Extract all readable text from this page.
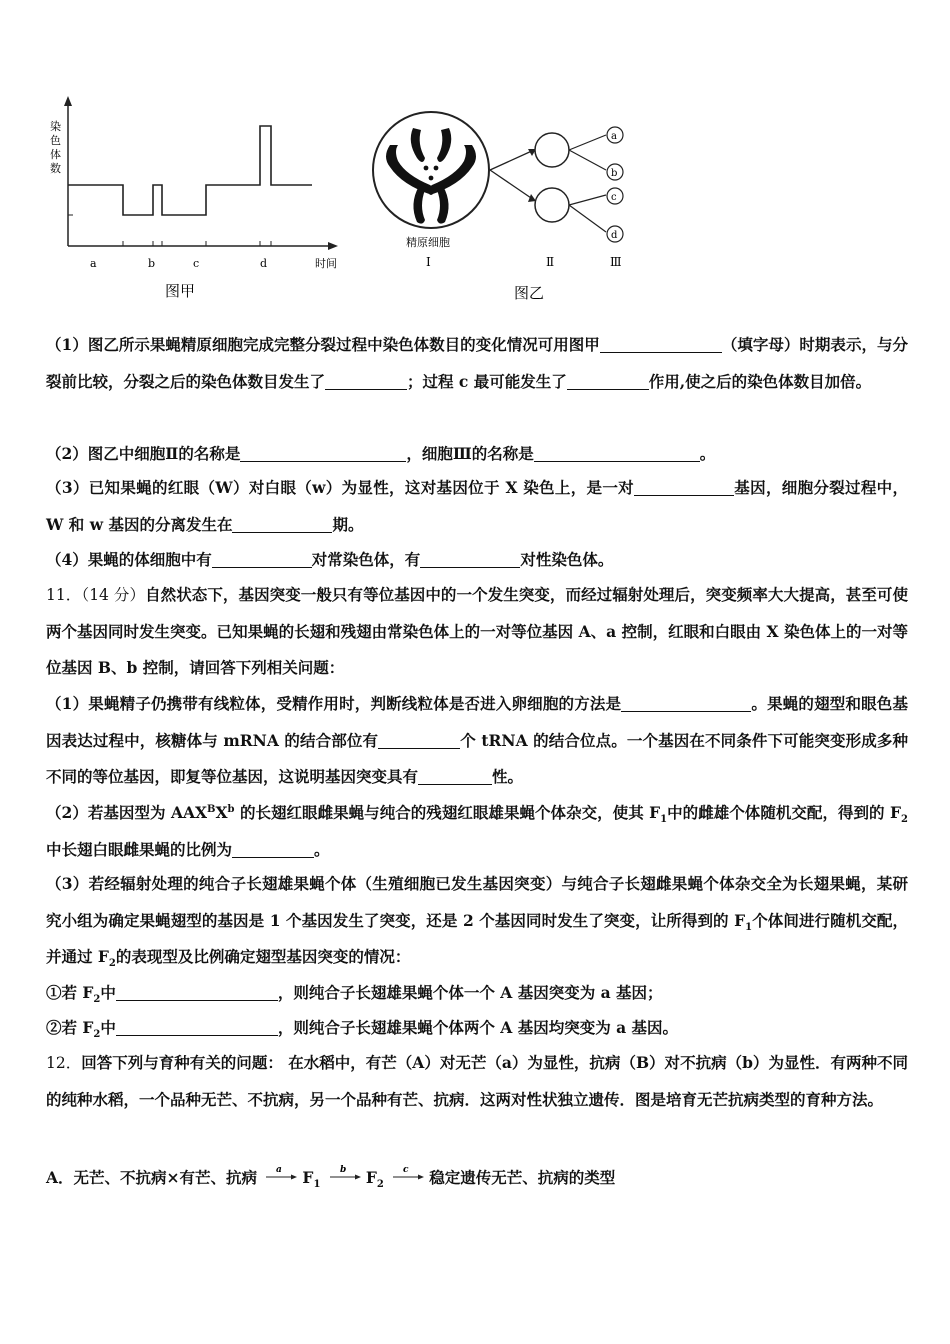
染
色
体
数
a	b	c	d	时间
图甲
a
b
c
d
精原细胞
Ⅰ	Ⅱ	Ⅲ
图乙

（1）图乙所示果蝇精原细胞完成完整分裂过程中染色体数目的变化情况可用图甲	（填字母）时期表示，与分裂前比较，分裂之后的染色体数目发生了	；过程 c 最可能发生了	作用,使之后的染色体数目加倍。

（2）图乙中细胞Ⅱ的名称是	，细胞Ⅲ的名称是	。

（3）已知果蝇的红眼（W）对白眼（w）为显性，这对基因位于 X 染色上，是一对	基因，细胞分裂过程中，W 和 w 基因的分离发生在	期。

（4）果蝇的体细胞中有	对常染色体，有	对性染色体。

11．（14 分）自然状态下，基因突变一般只有等位基因中的一个发生突变，而经过辐射处理后，突变频率大大提高，甚至可使两个基因同时发生突变。已知果蝇的长翅和残翅由常染色体上的一对等位基因 A、a 控制，红眼和白眼由 X 染色体上的一对等位基因 B、b 控制，请回答下列相关问题：

（1）果蝇精子仍携带有线粒体，受精作用时，判断线粒体是否进入卵细胞的方法是	。果蝇的翅型和眼色基因表达过程中，核糖体与 mRNA 的结合部位有	个 tRNA 的结合位点。一个基因在不同条件下可能突变形成多种不同的等位基因，即复等位基因，这说明基因突变具有	性。

（2）若基因型为 $AAX^BX^b$ 的长翅红眼雌果蝇与纯合的残翅红眼雄果蝇个体杂交，使其 $F_1$中的雌雄个体随机交配，得到的 $F_2$中长翅白眼雌果蝇的比例为	。

（3）若经辐射处理的纯合子长翅雄果蝇个体（生殖细胞已发生基因突变）与纯合子长翅雌果蝇个体杂交全为长翅果蝇，某研究小组为确定果蝇翅型的基因是 1 个基因发生了突变，还是 2 个基因同时发生了突变，让所得到的 $F_1$个体间进行随机交配，并通过 $F_2$的表现型及比例确定翅型基因突变的情况：

①若 $F_2$中	，则纯合子长翅雄果蝇个体一个 A 基因突变为 a 基因；

②若 $F_2$中	，则纯合子长翅雄果蝇个体两个 A 基因均突变为 a 基因。

12．回答下列与育种有关的问题： 在水稻中，有芒（A）对无芒（a）为显性，抗病（B）对不抗病（b）为显性．有两种不同的纯种水稻，一个品种无芒、不抗病，另一个品种有芒、抗病．这两对性状独立遗传．图是培育无芒抗病类型的育种方法。

A．无芒、不抗病×有芒、抗病 a $F_1$
b $F_2$
c 稳定遗传无芒、抗病的类型
